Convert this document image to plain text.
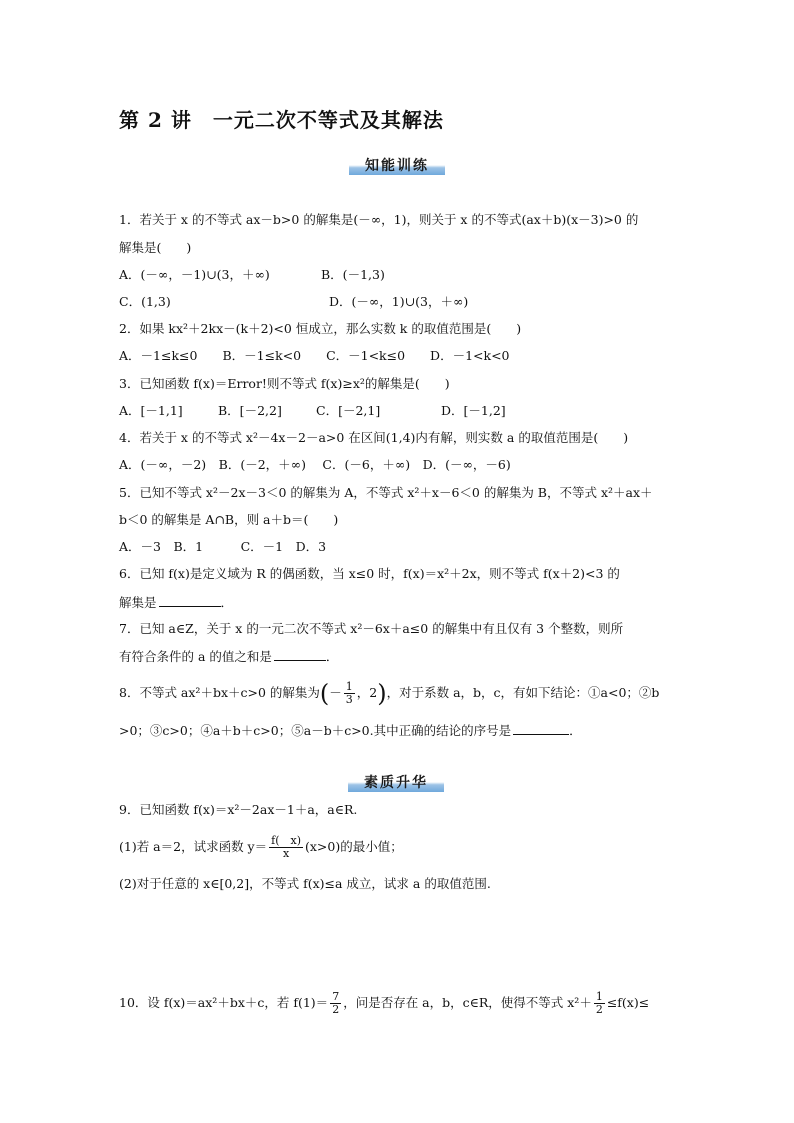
第 2 讲　一元二次不等式及其解法
知能训练
1．若关于 x 的不等式 ax－b>0 的解集是(－∞，1)，则关于 x 的不等式(ax＋b)(x－3)>0 的
解集是(　　)
A．(－∞，－1)∪(3，＋∞)	B．(－1,3)
C．(1,3)	D．(－∞，1)∪(3，＋∞)
2．如果 kx²＋2kx－(k＋2)<0 恒成立，那么实数 k 的取值范围是(　　)
A．－1≤k≤0　　B．－1≤k<0　　C．－1<k≤0　　D．－1<k<0
3．已知函数 f(x)＝Error!则不等式 f(x)≥x²的解集是(　　)
A．[－1,1]	B．[－2,2]	C．[－2,1]	D．[－1,2]
4．若关于 x 的不等式 x²－4x－2－a>0 在区间(1,4)内有解，则实数 a 的取值范围是(　　)
A．(－∞，－2)　B．(－2，＋∞)　 C．(－6，＋∞)　D．(－∞，－6)
5．已知不等式 x²－2x－3＜0 的解集为 A，不等式 x²＋x－6＜0 的解集为 B，不等式 x²＋ax＋
b＜0 的解集是 A∩B，则 a＋b＝(　　)
A．－3　B．1　　　C．－1　D．3
6．已知 f(x)是定义域为 R 的偶函数，当 x≤0 时，f(x)＝x²＋2x，则不等式 f(x＋2)<3 的
解集是	．
7．已知 a∈Z，关于 x 的一元二次不等式 x²－6x＋a≤0 的解集中有且仅有 3 个整数，则所
有符合条件的 a 的值之和是	．
8．不等式 ax²＋bx＋c>0 的解集为(－ $\frac{1}{3}$ ，2)，对于系数 a，b，c，有如下结论：①a<0；②b
>0；③c>0；④a＋b＋c>0；⑤a－b＋c>0.其中正确的结论的序号是	．
素质升华
9．已知函数 f(x)＝x²－2ax－1＋a，a∈R.
(1)若 a＝2，试求函数 $y= \frac{f( x)}{x} (x>0)$的最小值；
(2)对于任意的 x∈[0,2]，不等式 f(x)≤a 成立，试求 a 的取值范围.
10．设 f(x)＝ax²＋bx＋c，若 $f(1)= \frac{7}{2}$ ，问是否存在 a，b，c∈R，使得不等式 $x^2+ \frac{1}{2} \le f(x)\le$
